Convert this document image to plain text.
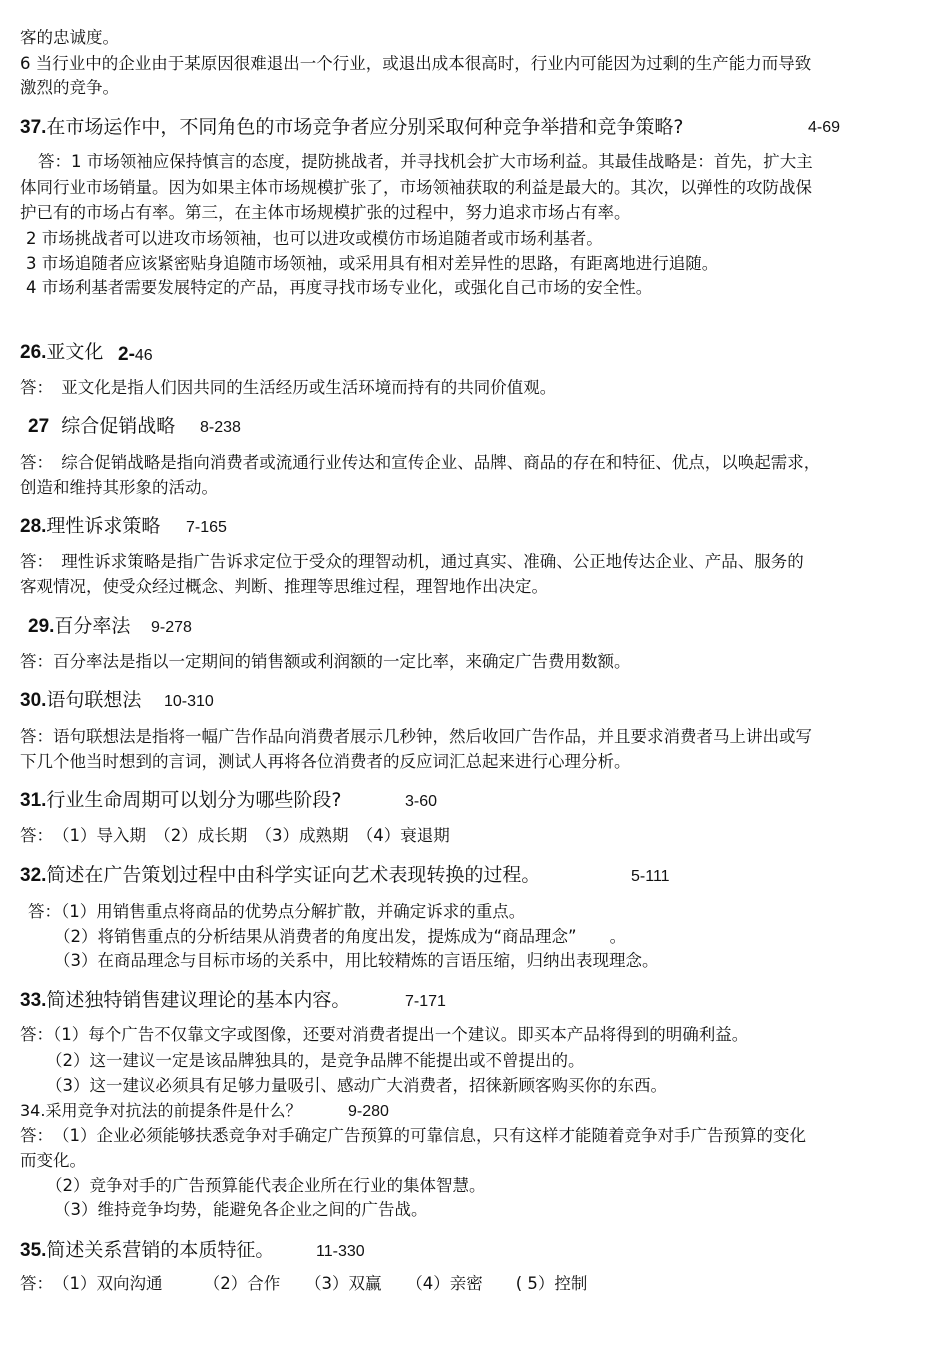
客的忠诚度。
6 当行业中的企业由于某原因很难退出一个行业，或退出成本很高时，行业内可能因为过剩的生产能力而导致
激烈的竞争。
37.在市场运作中，不同角色的市场竞争者应分别采取何种竞争举措和竞争策略?	4-69
答：1 市场领袖应保持慎言的态度，提防挑战者，并寻找机会扩大市场利益。其最佳战略是：首先，扩大主
体同行业市场销量。因为如果主体市场规模扩张了，市场领袖获取的利益是最大的。其次，以弹性的攻防战保
护已有的市场占有率。第三，在主体市场规模扩张的过程中，努力追求市场占有率。
2 市场挑战者可以进攻市场领袖，也可以进攻或模仿市场追随者或市场利基者。
3 市场追随者应该紧密贴身追随市场领袖，或采用具有相对差异性的思路，有距离地进行追随。
4 市场利基者需要发展特定的产品，再度寻找市场专业化，或强化自己市场的安全性。
26.亚文化 2-46
答：　亚文化是指人们因共同的生活经历或生活环境而持有的共同价值观。
27 综合促销战略 8-238
答：　综合促销战略是指向消费者或流通行业传达和宣传企业、品牌、商品的存在和特征、优点，以唤起需求，
创造和维持其形象的活动。
28.理性诉求策略 7-165
答：　理性诉求策略是指广告诉求定位于受众的理智动机，通过真实、准确、公正地传达企业、产品、服务的
客观情况，使受众经过概念、判断、推理等思维过程，理智地作出决定。
29.百分率法 9-278
答：百分率法是指以一定期间的销售额或利润额的一定比率，来确定广告费用数额。
30.语句联想法 10-310
答：语句联想法是指将一幅广告作品向消费者展示几秒钟，然后收回广告作品，并且要求消费者马上讲出或写
下几个他当时想到的言词，测试人再将各位消费者的反应词汇总起来进行心理分析。
31.行业生命周期可以划分为哪些阶段?	3-60
答：　（1）导入期　（2）成长期　（3）成熟期　（4）衰退期
32.简述在广告策划过程中由科学实证向艺术表现转换的过程。	5-111
答：（1）用销售重点将商品的优势点分解扩散，并确定诉求的重点。
（2）将销售重点的分析结果从消费者的角度出发，提炼成为“商品理念”　　。
（3）在商品理念与目标市场的关系中，用比较精炼的言语压缩，归纳出表现理念。
33.简述独特销售建议理论的基本内容。	7-171
答：（1）每个广告不仅靠文字或图像，还要对消费者提出一个建议。即买本产品将得到的明确利益。
（2）这一建议一定是该品牌独具的，是竞争品牌不能提出或不曾提出的。
（3）这一建议必须具有足够力量吸引、感动广大消费者，招徕新顾客购买你的东西。
34.采用竞争对抗法的前提条件是什么？	9-280
答：　（1）企业必须能够扶悉竞争对手确定广告预算的可靠信息，只有这样才能随着竞争对手广告预算的变化
而变化。
（2）竞争对手的广告预算能代表企业所在行业的集体智慧。
（3）维持竞争均势，能避免各企业之间的广告战。
35.简述关系营销的本质特征。	11-330
答：　（1）双向沟通　　　（2）合作　　（3）双赢　　（4）亲密　　( 5）控制
